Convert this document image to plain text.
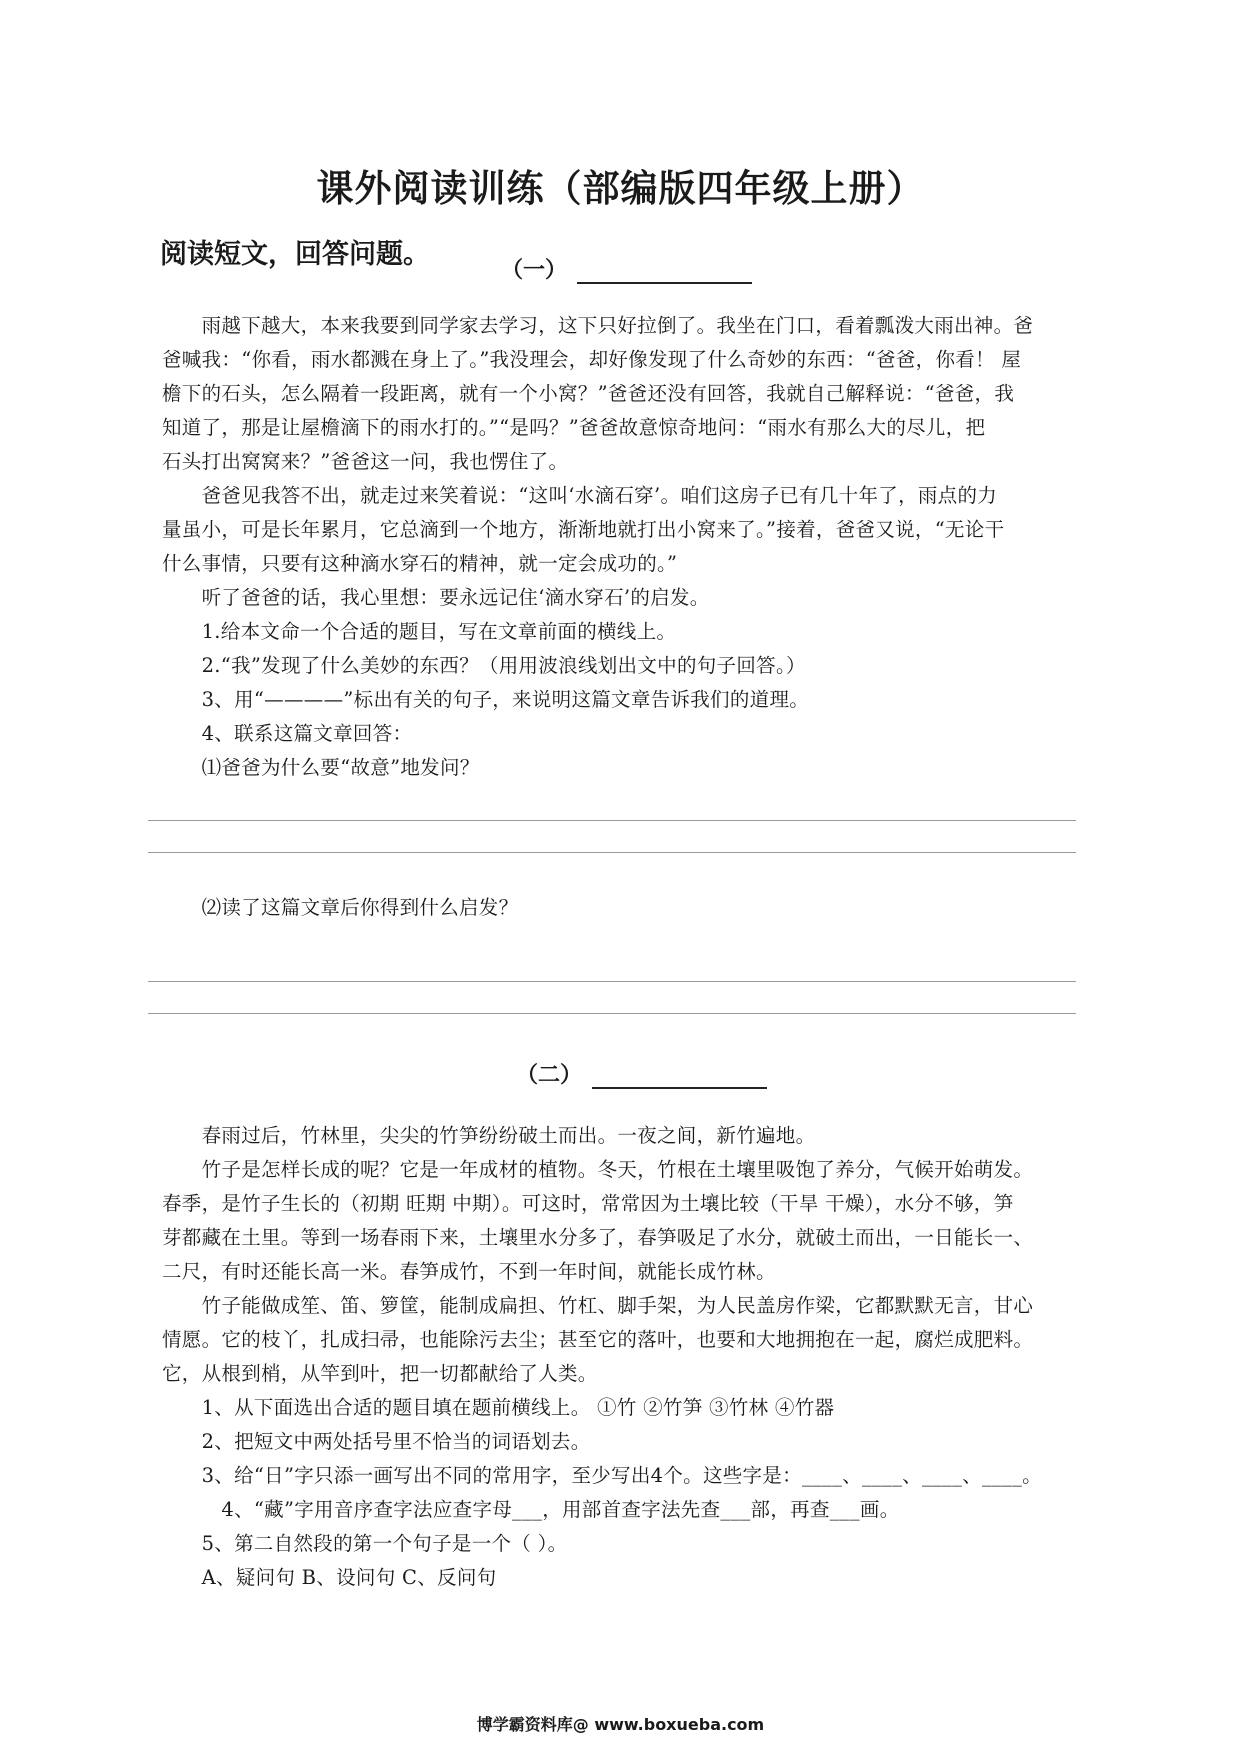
课外阅读训练（部编版四年级上册）
阅读短文，回答问题。	（一）
　　雨越下越大，本来我要到同学家去学习，这下只好拉倒了。我坐在门口，看着瓢泼大雨出神。爸
爸喊我：“你看，雨水都溅在身上了。”我没理会，却好像发现了什么奇妙的东西：“爸爸，你看！ 屋
檐下的石头，怎么隔着一段距离，就有一个小窝？”爸爸还没有回答，我就自己解释说：“爸爸，我
知道了，那是让屋檐滴下的雨水打的。”“是吗？”爸爸故意惊奇地问：“雨水有那么大的尽儿，把
石头打出窝窝来？”爸爸这一问，我也愣住了。
　　爸爸见我答不出，就走过来笑着说：“这叫‘水滴石穿’。咱们这房子已有几十年了，雨点的力
量虽小，可是长年累月，它总滴到一个地方，渐渐地就打出小窝来了。”接着，爸爸又说，“无论干
什么事情，只要有这种滴水穿石的精神，就一定会成功的。”
　　听了爸爸的话，我心里想：要永远记住‘滴水穿石’的启发。
　　1.给本文命一个合适的题目，写在文章前面的横线上。
　　2.“我”发现了什么美妙的东西？（用用波浪线划出文中的句子回答。）
　　3、用“————”标出有关的句子，来说明这篇文章告诉我们的道理。
　　4、联系这篇文章回答：
　　⑴爸爸为什么要“故意”地发问？
　　⑵读了这篇文章后你得到什么启发？
（二）
　　春雨过后，竹林里，尖尖的竹笋纷纷破土而出。一夜之间，新竹遍地。
　　竹子是怎样长成的呢？它是一年成材的植物。冬天，竹根在土壤里吸饱了养分，气候开始萌发。
春季，是竹子生长的（初期 旺期 中期）。可这时，常常因为土壤比较（干旱 干燥），水分不够，笋
芽都藏在土里。等到一场春雨下来，土壤里水分多了，春笋吸足了水分，就破土而出，一日能长一、
二尺，有时还能长高一米。春笋成竹，不到一年时间，就能长成竹林。
　　竹子能做成笙、笛、箩筐，能制成扁担、竹杠、脚手架，为人民盖房作梁，它都默默无言，甘心
情愿。它的枝丫，扎成扫帚，也能除污去尘；甚至它的落叶，也要和大地拥抱在一起，腐烂成肥料。
它，从根到梢，从竿到叶，把一切都献给了人类。
　　1、从下面选出合适的题目填在题前横线上。 ①竹 ②竹笋 ③竹林 ④竹器
　　2、把短文中两处括号里不恰当的词语划去。
　　3、给“日”字只添一画写出不同的常用字，至少写出4个。这些字是：____、____、____、____。
　　　4、“藏”字用音序查字法应查字母___，用部首查字法先查___部，再查___画。
　　5、第二自然段的第一个句子是一个（ ）。
　　A、疑问句 B、设问句 C、反问句
博学霸资料库@ www.boxueba.com
